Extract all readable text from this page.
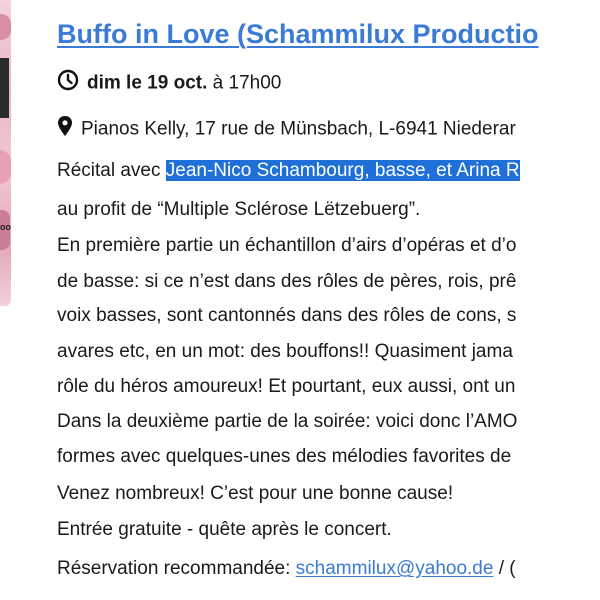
oo
Buffo in Love (Schammilux Productio
dim le 19 oct. à 17h00
Pianos Kelly, 17 rue de Münsbach, L-6941 Niederar
Récital avec Jean-Nico Schambourg, basse, et Arina R
au profit de “Multiple Sclérose Lëtzebuerg”.
En première partie un échantillon d’airs d’opéras et d’o
de basse: si ce n’est dans des rôles de pères, rois, prê
voix basses, sont cantonnés dans des rôles de cons, s
avares etc, en un mot: des bouffons!! Quasiment jama
rôle du héros amoureux! Et pourtant, eux aussi, ont un
Dans la deuxième partie de la soirée: voici donc l’AMO
formes avec quelques-unes des mélodies favorites de
Venez nombreux! C’est pour une bonne cause!
Entrée gratuite - quête après le concert.
Réservation recommandée: schammilux@yahoo.de / (
